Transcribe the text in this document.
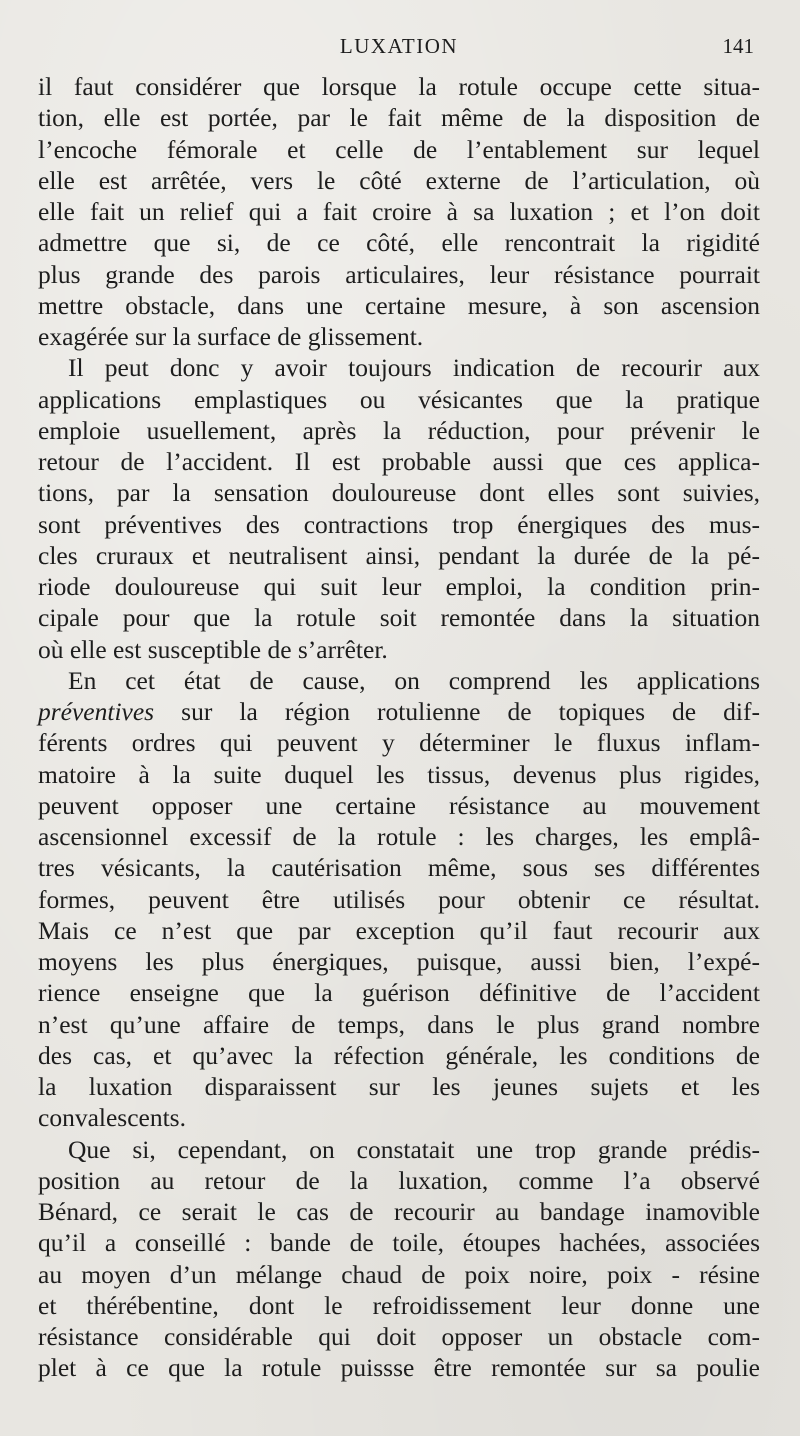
LUXATION	141
il faut considérer que lorsque la rotule occupe cette situa-
tion, elle est portée, par le fait même de la disposition de
l’encoche fémorale et celle de l’entablement sur lequel
elle est arrêtée, vers le côté externe de l’articulation, où
elle fait un relief qui a fait croire à sa luxation ; et l’on doit
admettre que si, de ce côté, elle rencontrait la rigidité
plus grande des parois articulaires, leur résistance pourrait
mettre obstacle, dans une certaine mesure, à son ascension
exagérée sur la surface de glissement.
Il peut donc y avoir toujours indication de recourir aux
applications emplastiques ou vésicantes que la pratique
emploie usuellement, après la réduction, pour prévenir le
retour de l’accident. Il est probable aussi que ces applica-
tions, par la sensation douloureuse dont elles sont suivies,
sont préventives des contractions trop énergiques des mus-
cles cruraux et neutralisent ainsi, pendant la durée de la pé-
riode douloureuse qui suit leur emploi, la condition prin-
cipale pour que la rotule soit remontée dans la situation
où elle est susceptible de s’arrêter.
En cet état de cause, on comprend les applications
préventives sur la région rotulienne de topiques de dif-
férents ordres qui peuvent y déterminer le fluxus inflam-
matoire à la suite duquel les tissus, devenus plus rigides,
peuvent opposer une certaine résistance au mouvement
ascensionnel excessif de la rotule : les charges, les emplâ-
tres vésicants, la cautérisation même, sous ses différentes
formes, peuvent être utilisés pour obtenir ce résultat.
Mais ce n’est que par exception qu’il faut recourir aux
moyens les plus énergiques, puisque, aussi bien, l’expé-
rience enseigne que la guérison définitive de l’accident
n’est qu’une affaire de temps, dans le plus grand nombre
des cas, et qu’avec la réfection générale, les conditions de
la luxation disparaissent sur les jeunes sujets et les
convalescents.
Que si, cependant, on constatait une trop grande prédis-
position au retour de la luxation, comme l’a observé
Bénard, ce serait le cas de recourir au bandage inamovible
qu’il a conseillé : bande de toile, étoupes hachées, associées
au moyen d’un mélange chaud de poix noire, poix - résine
et thérébentine, dont le refroidissement leur donne une
résistance considérable qui doit opposer un obstacle com-
plet à ce que la rotule puissse être remontée sur sa poulie
